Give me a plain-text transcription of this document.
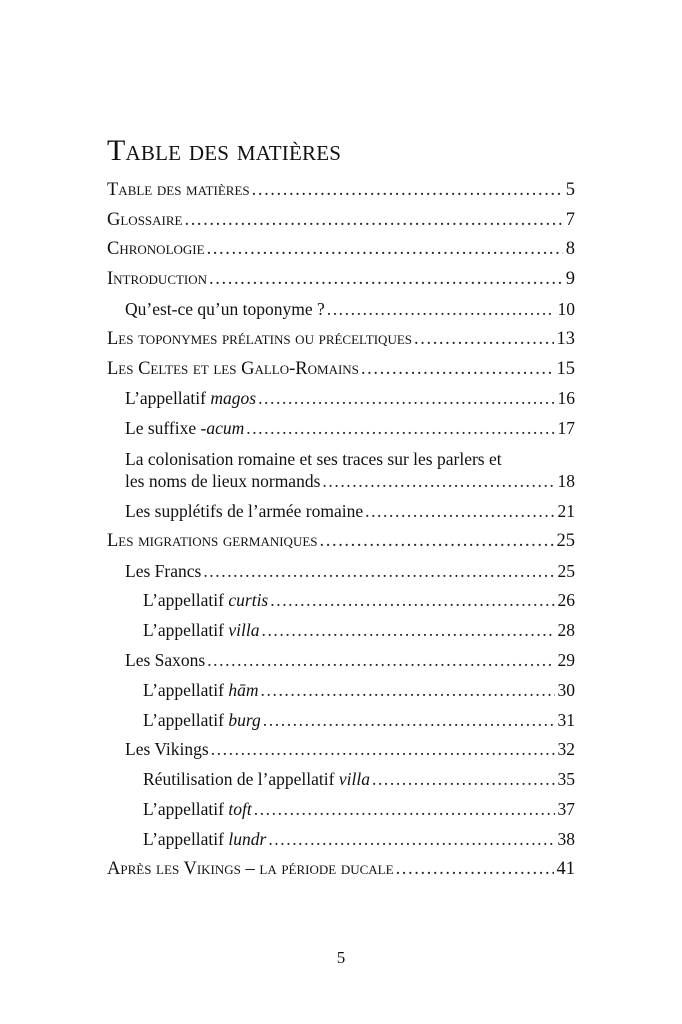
Table des matières
Table des matières .....	5
Glossaire .....	7
Chronologie .....	8
Introduction .....	9
Qu’est-ce qu’un toponyme ? .....	10
Les toponymes prélatins ou préceltiques .....	13
Les Celtes et les Gallo-Romains .....	15
L’appellatif magos .....	16
Le suffixe -acum .....	17
La colonisation romaine et ses traces sur les parlers et
les noms de lieux normands .....	18
Les supplétifs de l’armée romaine .....	21
Les migrations germaniques .....	25
Les Francs .....	25
L’appellatif curtis .....	26
L’appellatif villa .....	28
Les Saxons .....	29
L’appellatif hām .....	30
L’appellatif burg .....	31
Les Vikings .....	32
Réutilisation de l’appellatif villa .....	35
L’appellatif toft .....	37
L’appellatif lundr .....	38
Après les Vikings – la période ducale .....	41
5
